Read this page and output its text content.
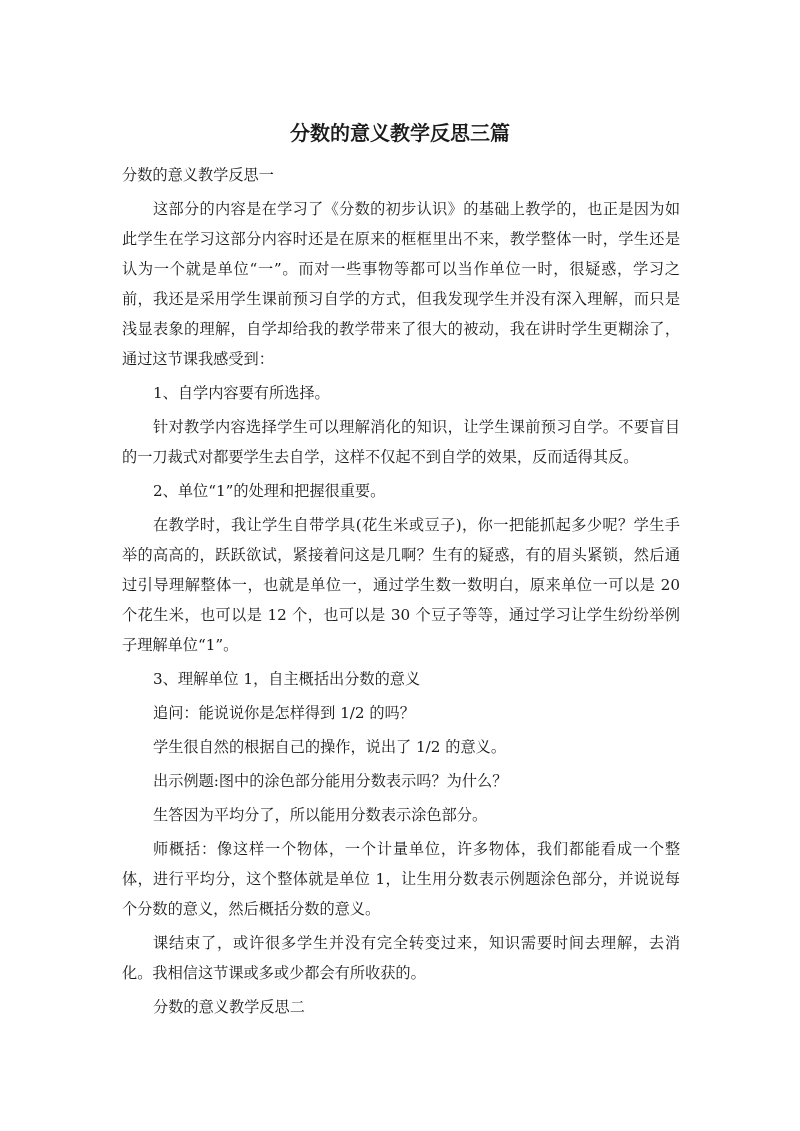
分数的意义教学反思三篇

分数的意义教学反思一

这部分的内容是在学习了《分数的初步认识》的基础上教学的，也正是因为如此学生在学习这部分内容时还是在原来的框框里出不来，教学整体一时，学生还是认为一个就是单位“一”。而对一些事物等都可以当作单位一时，很疑惑，学习之前，我还是采用学生课前预习自学的方式，但我发现学生并没有深入理解，而只是浅显表象的理解，自学却给我的教学带来了很大的被动，我在讲时学生更糊涂了，通过这节课我感受到：

1、自学内容要有所选择。

针对教学内容选择学生可以理解消化的知识，让学生课前预习自学。不要盲目的一刀裁式对都要学生去自学，这样不仅起不到自学的效果，反而适得其反。

2、单位“1”的处理和把握很重要。

在教学时，我让学生自带学具(花生米或豆子)，你一把能抓起多少呢？学生手举的高高的，跃跃欲试，紧接着问这是几啊？生有的疑惑，有的眉头紧锁，然后通过引导理解整体一，也就是单位一，通过学生数一数明白，原来单位一可以是 20 个花生米，也可以是 12 个，也可以是 30 个豆子等等，通过学习让学生纷纷举例子理解单位“1”。

3、理解单位 1，自主概括出分数的意义

追问：能说说你是怎样得到 1/2 的吗？

学生很自然的根据自己的操作，说出了 1/2 的意义。

出示例题:图中的涂色部分能用分数表示吗？为什么？

生答因为平均分了，所以能用分数表示涂色部分。

师概括：像这样一个物体，一个计量单位，许多物体，我们都能看成一个整体，进行平均分，这个整体就是单位 1，让生用分数表示例题涂色部分，并说说每个分数的意义，然后概括分数的意义。

课结束了，或许很多学生并没有完全转变过来，知识需要时间去理解，去消化。我相信这节课或多或少都会有所收获的。

分数的意义教学反思二
